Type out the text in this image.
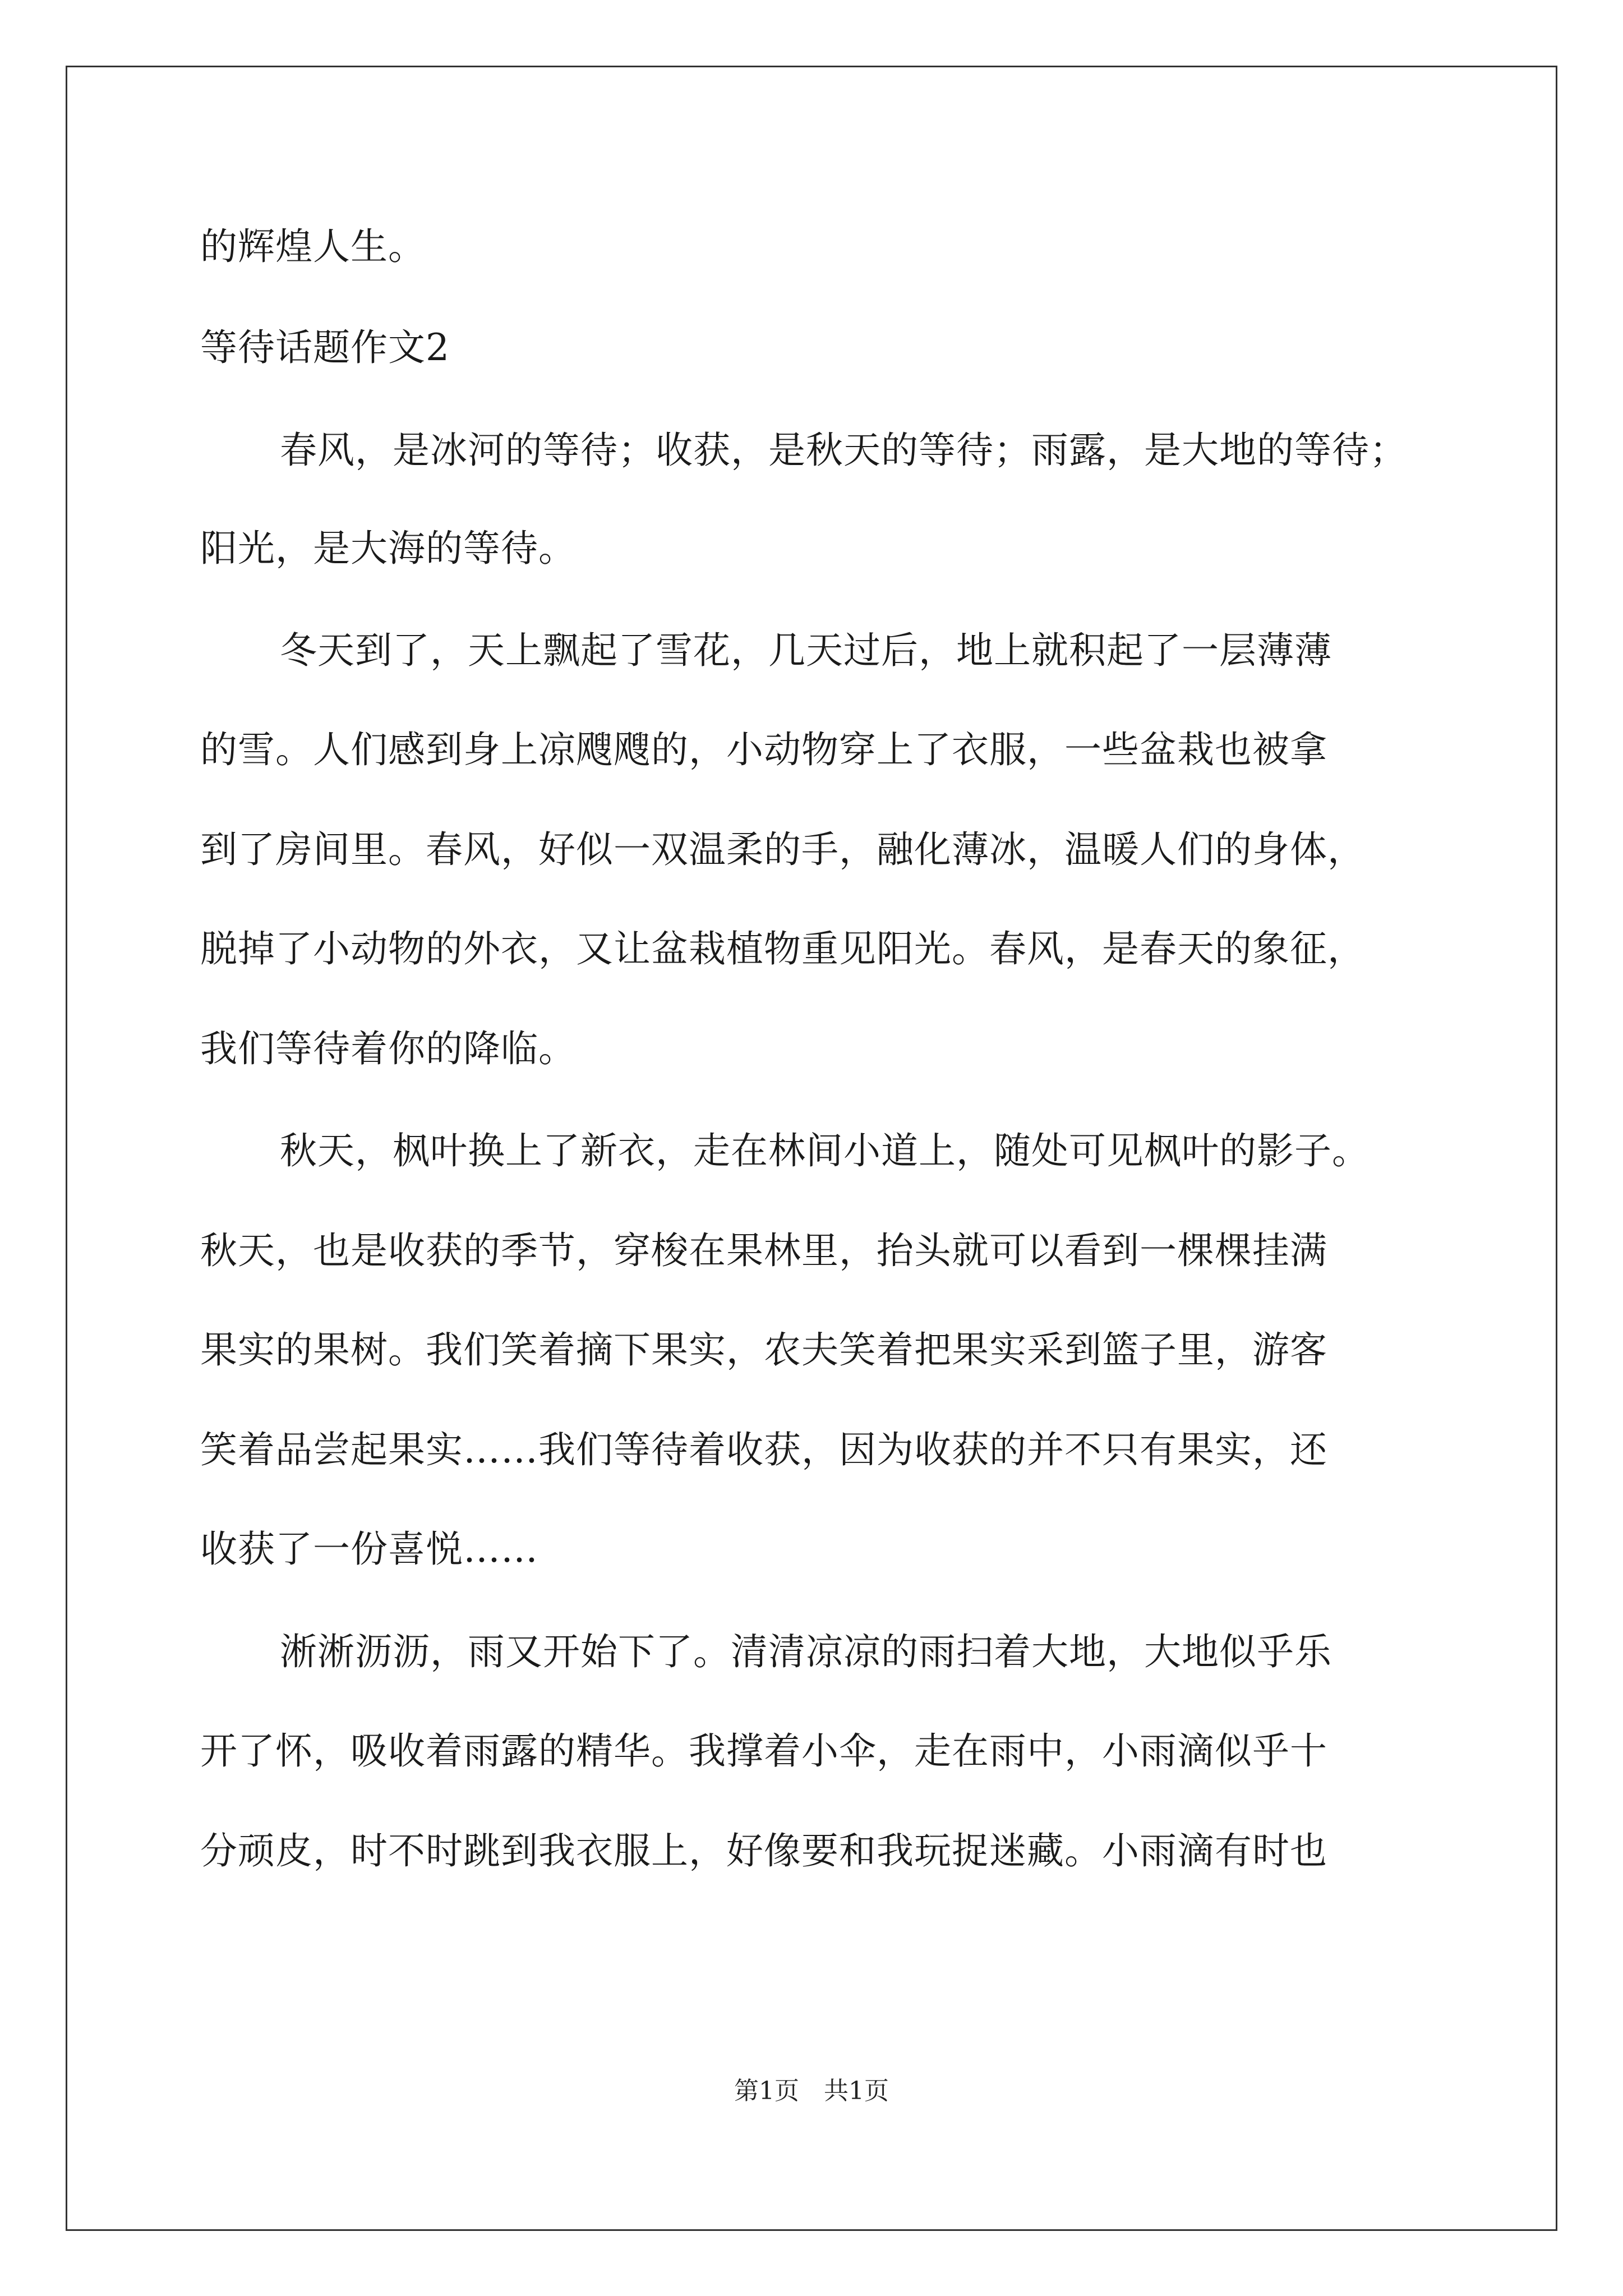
的辉煌人生。
等待话题作文2
春风，是冰河的等待；收获，是秋天的等待；雨露，是大地的等待；
阳光，是大海的等待。
冬天到了，天上飘起了雪花，几天过后，地上就积起了一层薄薄
的雪。人们感到身上凉飕飕的，小动物穿上了衣服，一些盆栽也被拿
到了房间里。春风，好似一双温柔的手，融化薄冰，温暖人们的身体，
脱掉了小动物的外衣，又让盆栽植物重见阳光。春风，是春天的象征，
我们等待着你的降临。
秋天，枫叶换上了新衣，走在林间小道上，随处可见枫叶的影子。
秋天，也是收获的季节，穿梭在果林里，抬头就可以看到一棵棵挂满
果实的果树。我们笑着摘下果实，农夫笑着把果实采到篮子里，游客
笑着品尝起果实……我们等待着收获，因为收获的并不只有果实，还
收获了一份喜悦……
淅淅沥沥，雨又开始下了。清清凉凉的雨扫着大地，大地似乎乐
开了怀，吸收着雨露的精华。我撑着小伞，走在雨中，小雨滴似乎十
分顽皮，时不时跳到我衣服上，好像要和我玩捉迷藏。小雨滴有时也
第1页　共1页
